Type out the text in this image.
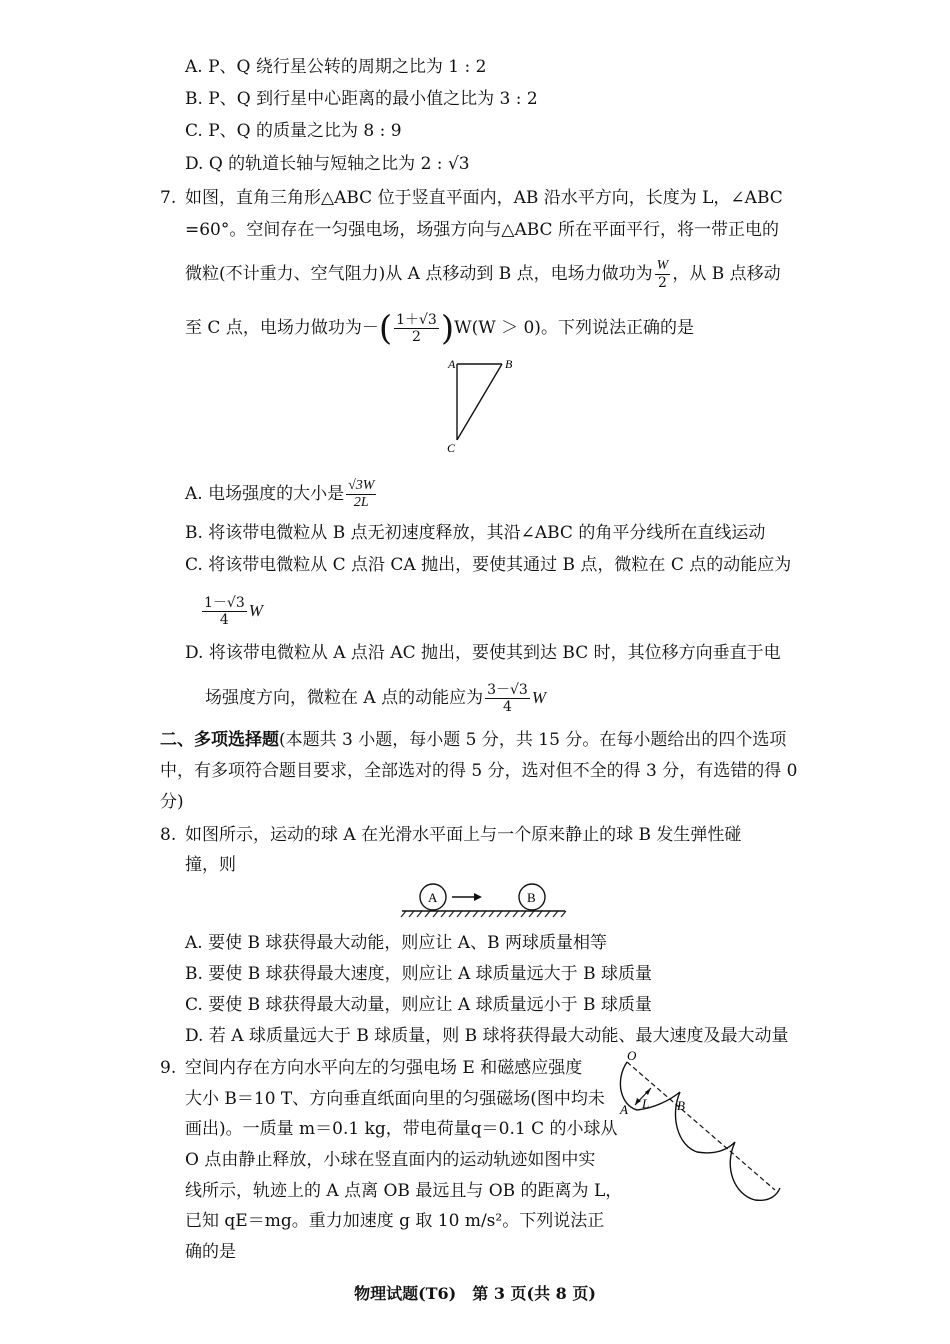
A. P、Q 绕行星公转的周期之比为 1 : 2
B. P、Q 到行星中心距离的最小值之比为 3 : 2
C. P、Q 的质量之比为 8 : 9
D. Q 的轨道长轴与短轴之比为 2 : √3
7. 如图，直角三角形△ABC 位于竖直平面内，AB 沿水平方向，长度为 L，∠ABC
=60°。空间存在一匀强电场，场强方向与△ABC 所在平面平行，将一带正电的
微粒(不计重力、空气阻力)从 A 点移动到 B 点，电场力做功为 $\frac{W}{2}$ ，从 B 点移动
至 C 点，电场力做功为－( $\frac{1+√3}{2} )W(W > 0)$。下列说法正确的是
A	B
C
A. 电场强度的大小是 $\frac{√3W}{2L}$
B. 将该带电微粒从 B 点无初速度释放，其沿∠ABC 的角平分线所在直线运动
C. 将该带电微粒从 C 点沿 CA 抛出，要使其通过 B 点，微粒在 C 点的动能应为
$\frac{1-√3}{4}$ W
D. 将该带电微粒从 A 点沿 AC 抛出，要使其到达 BC 时，其位移方向垂直于电
场强度方向，微粒在 A 点的动能应为 $\frac{3-√3}{4}$ W
二、多项选择题(本题共 3 小题，每小题 5 分，共 15 分。在每小题给出的四个选项
中，有多项符合题目要求，全部选对的得 5 分，选对但不全的得 3 分，有选错的得 0
分)
8. 如图所示，运动的球 A 在光滑水平面上与一个原来静止的球 B 发生弹性碰
撞，则
A	B
A. 要使 B 球获得最大动能，则应让 A、B 两球质量相等
B. 要使 B 球获得最大速度，则应让 A 球质量远大于 B 球质量
C. 要使 B 球获得最大动量，则应让 A 球质量远小于 B 球质量
D. 若 A 球质量远大于 B 球质量，则 B 球将获得最大动能、最大速度及最大动量
9. 空间内存在方向水平向左的匀强电场 E 和磁感应强度
大小 B＝10 T、方向垂直纸面向里的匀强磁场(图中均未
画出)。一质量 m＝0.1 kg，带电荷量q＝0.1 C 的小球从
O 点由静止释放，小球在竖直面内的运动轨迹如图中实
线所示，轨迹上的 A 点离 OB 最远且与 OB 的距离为 L，
已知 qE＝mg。重力加速度 g 取 10 m/s²。下列说法正
确的是
O
A L B
物理试题(T6)　第 3 页(共 8 页)
